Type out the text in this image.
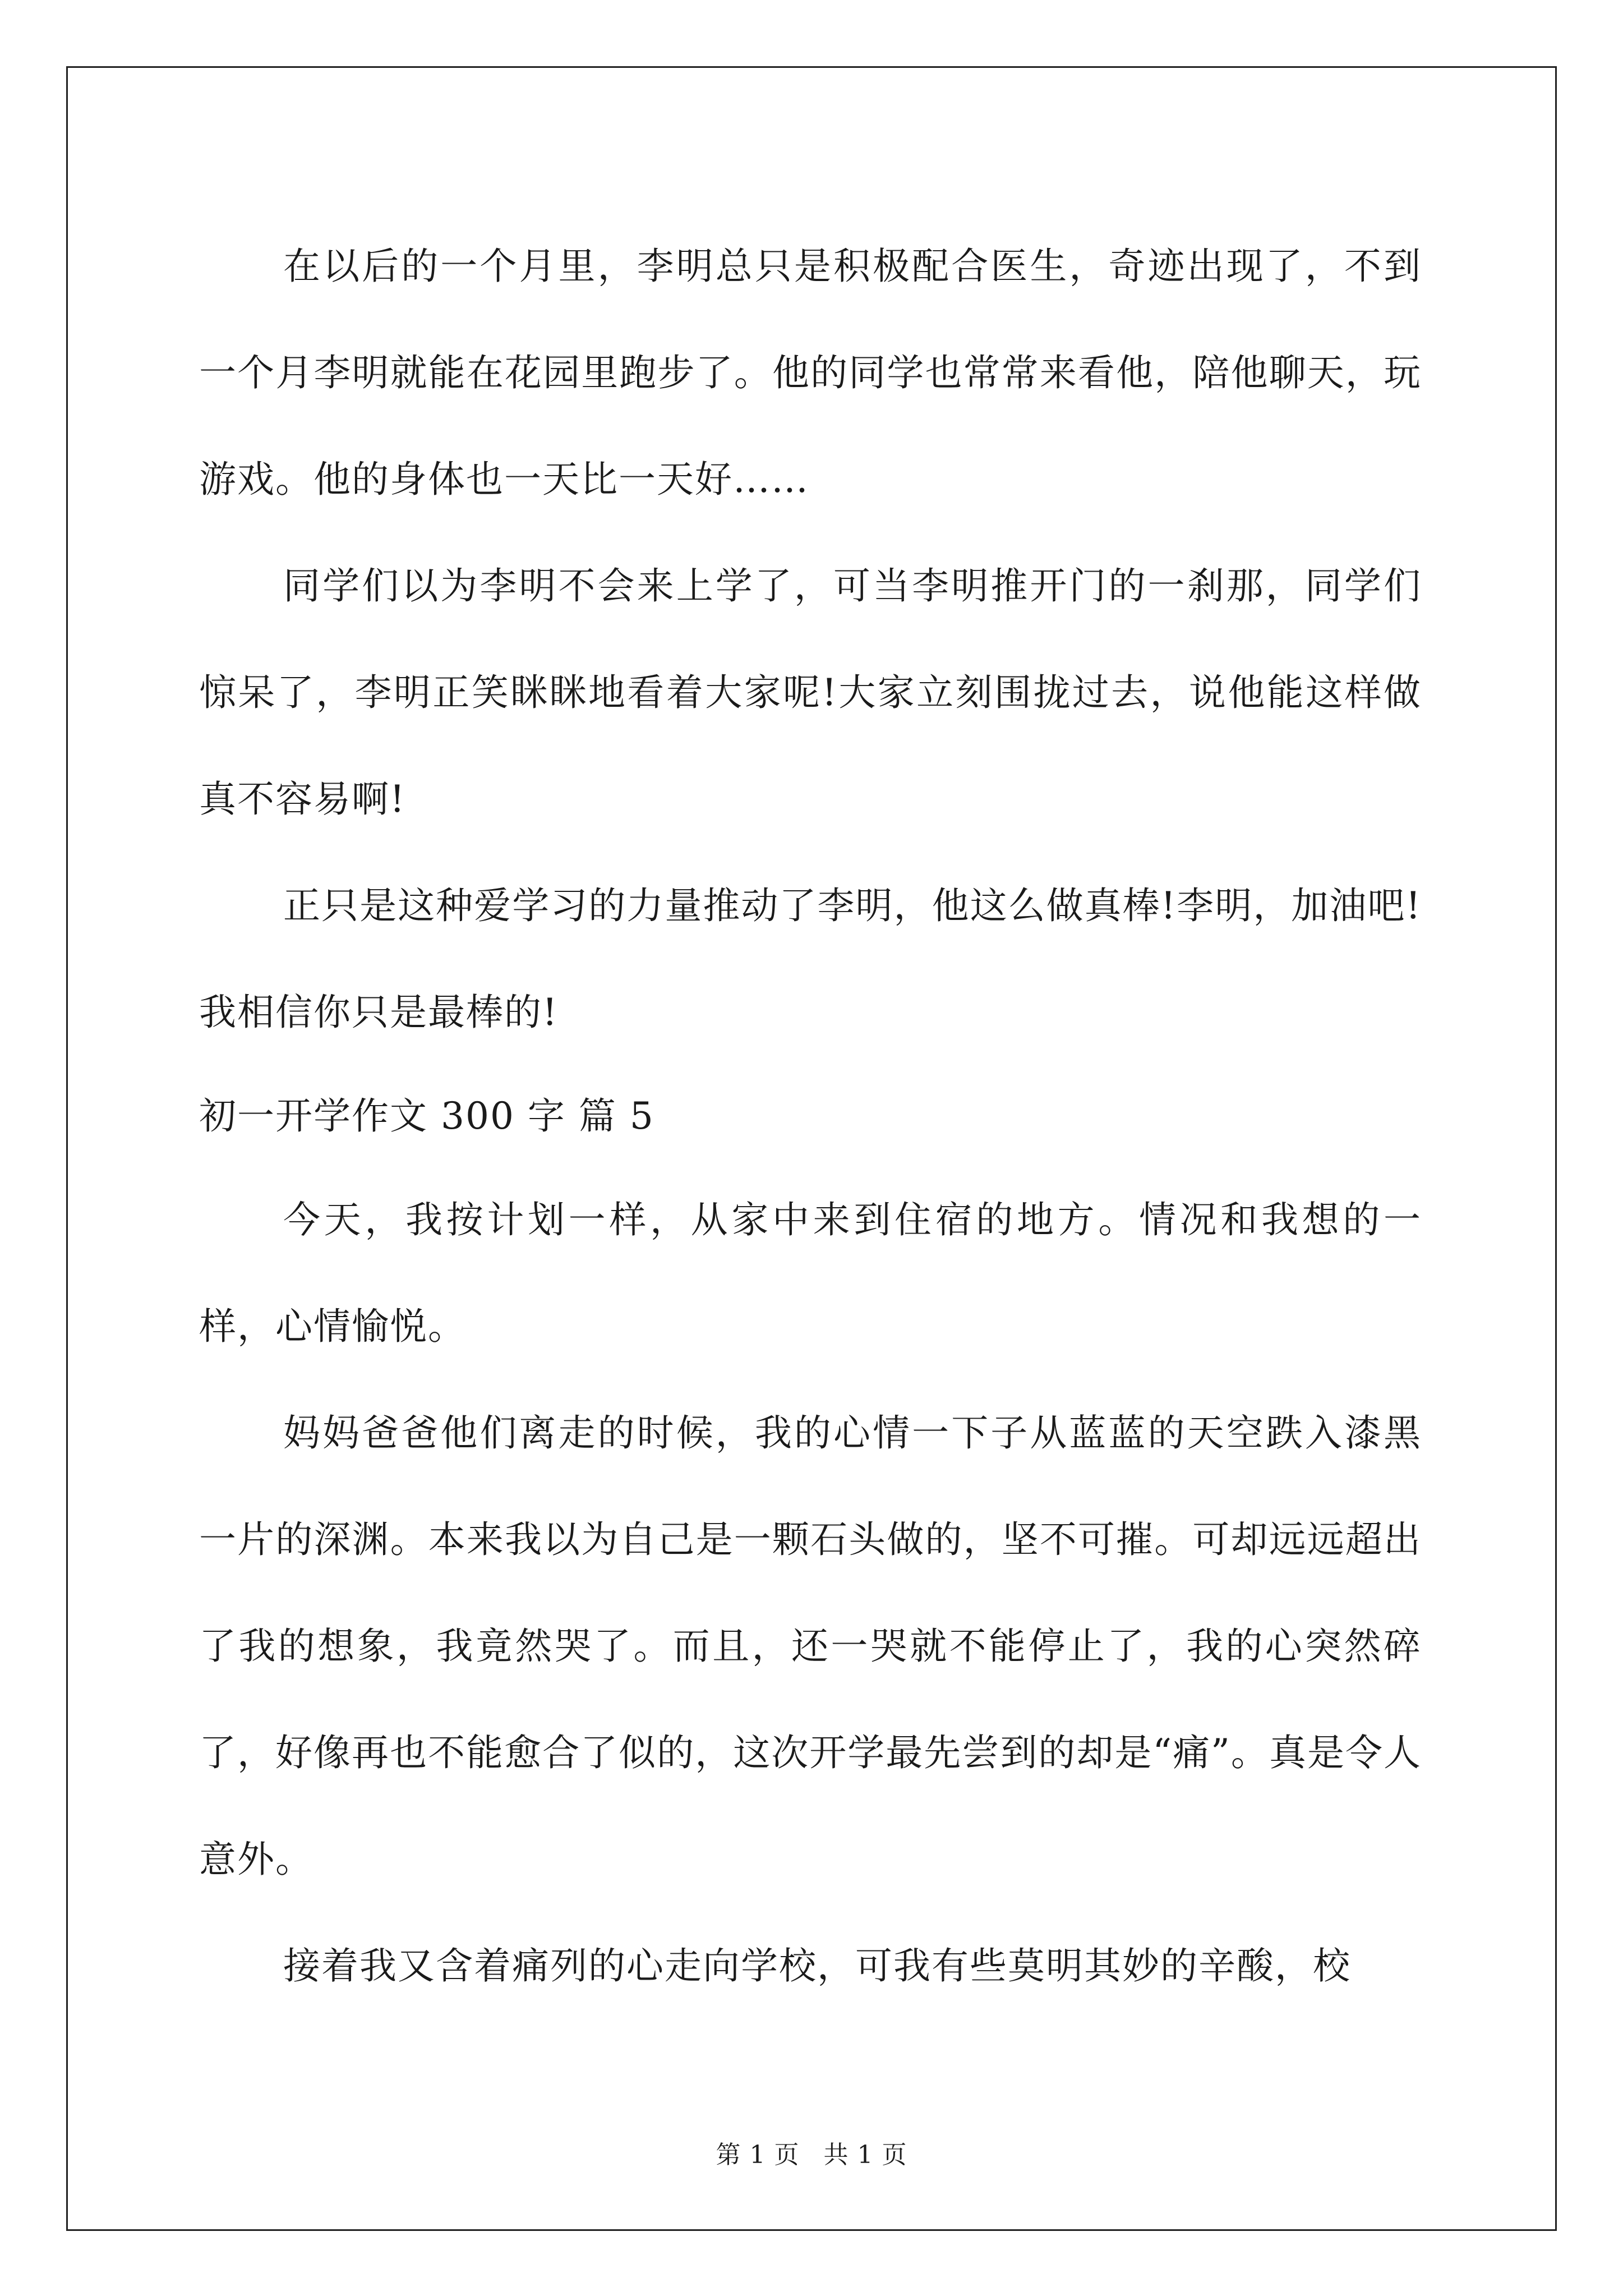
在以后的一个月里，李明总只是积极配合医生，奇迹出现了，不到一个月李明就能在花园里跑步了。他的同学也常常来看他，陪他聊天，玩游戏。他的身体也一天比一天好……

同学们以为李明不会来上学了，可当李明推开门的一刹那，同学们惊呆了，李明正笑眯眯地看着大家呢!大家立刻围拢过去，说他能这样做真不容易啊!

正只是这种爱学习的力量推动了李明，他这么做真棒!李明，加油吧!我相信你只是最棒的!

初一开学作文 300 字 篇 5

今天，我按计划一样，从家中来到住宿的地方。情况和我想的一样，心情愉悦。

妈妈爸爸他们离走的时候，我的心情一下子从蓝蓝的天空跌入漆黑一片的深渊。本来我以为自己是一颗石头做的，坚不可摧。可却远远超出了我的想象，我竟然哭了。而且，还一哭就不能停止了，我的心突然碎了，好像再也不能愈合了似的，这次开学最先尝到的却是“痛”。真是令人意外。

接着我又含着痛列的心走向学校，可我有些莫明其妙的辛酸，校

第 1 页 共 1 页
